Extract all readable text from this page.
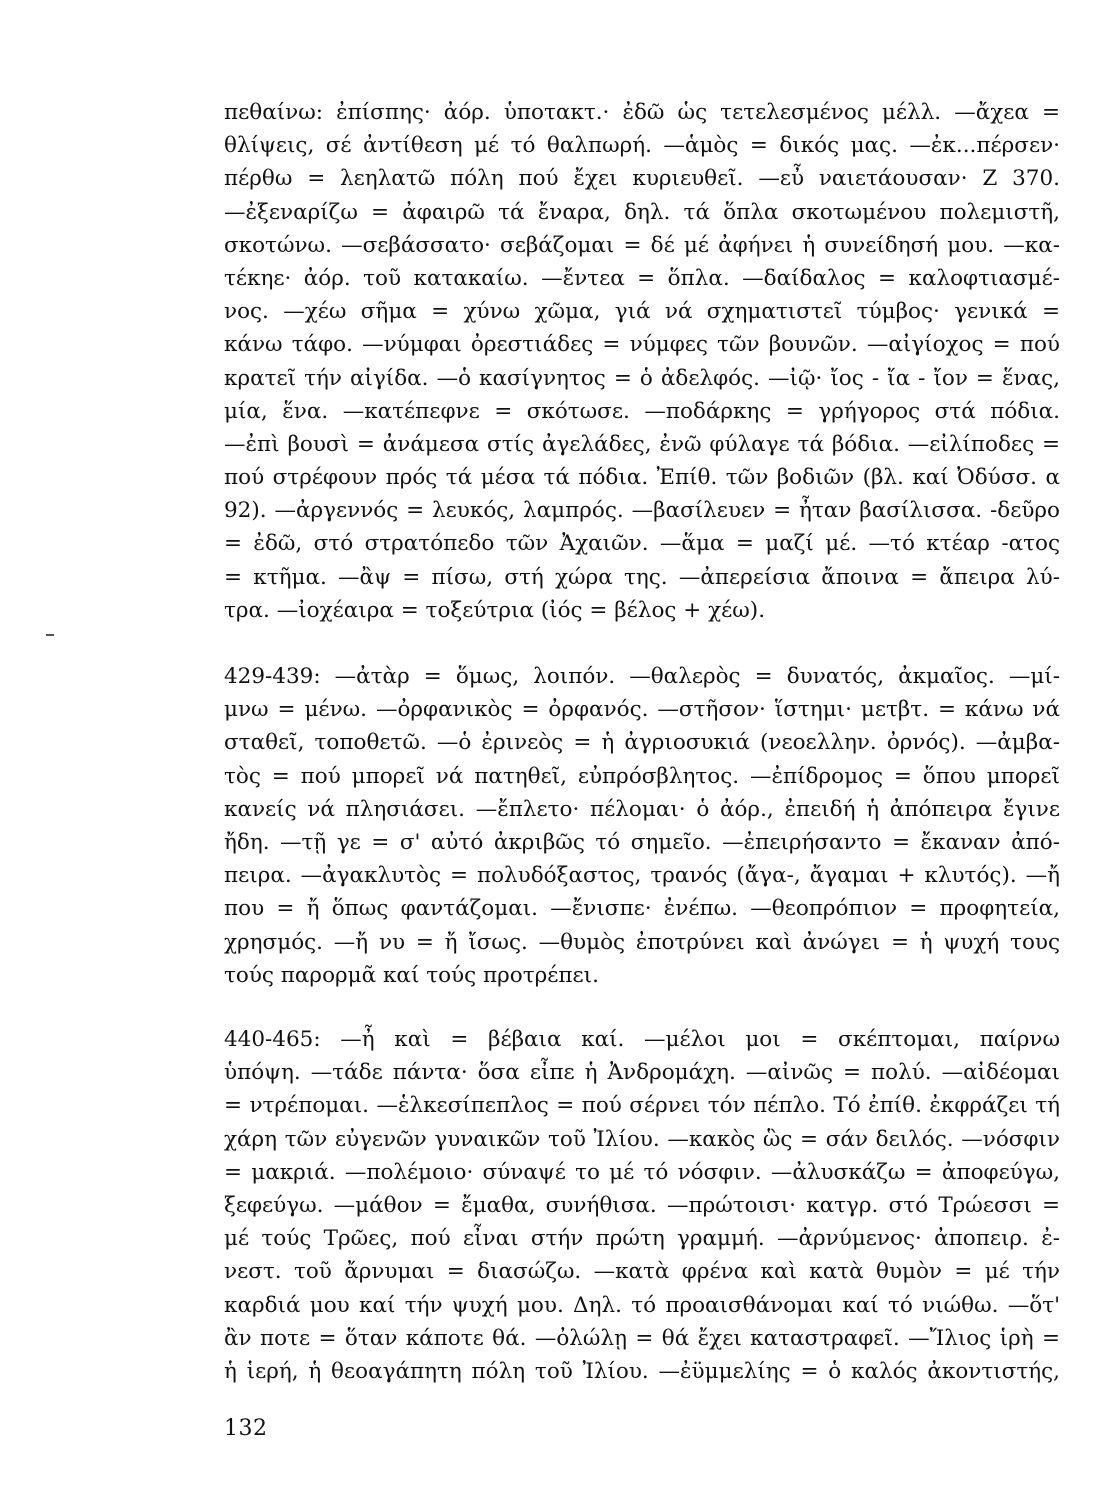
πεθαίνω: ἐπίσπης· ἀόρ. ὑποτακτ.· ἐδῶ ὡς τετελεσμένος μέλλ. —ἄχεα =
θλίψεις, σέ ἀντίθεση μέ τό θαλπωρή. —ἁμὸς = δικός μας. —ἐκ...πέρσεν·
πέρθω = λεηλατῶ πόλη πού ἔχει κυριευθεῖ. —εὖ ναιετάουσαν· Ζ 370.
—ἐξεναρίζω = ἀφαιρῶ τά ἔναρα, δηλ. τά ὅπλα σκοτωμένου πολεμιστῆ,
σκοτώνω. —σεβάσσατο· σεβάζομαι = δέ μέ ἀφήνει ἡ συνείδησή μου. —κα-
τέκηε· ἀόρ. τοῦ κατακαίω. —ἔντεα = ὅπλα. —δαίδαλος = καλοφτιασμέ-
νος. —χέω σῆμα = χύνω χῶμα, γιά νά σχηματιστεῖ τύμβος· γενικά =
κάνω τάφο. —νύμφαι ὀρεστιάδες = νύμφες τῶν βουνῶν. —αἰγίοχος = πού
κρατεῖ τήν αἰγίδα. —ὁ κασίγνητος = ὁ ἀδελφός. —ἰῷ· ἴος - ἴα - ἴον = ἕνας,
μία, ἕνα. —κατέπεφνε = σκότωσε. —ποδάρκης = γρήγορος στά πόδια.
—ἐπὶ βουσὶ = ἀνάμεσα στίς ἀγελάδες, ἐνῶ φύλαγε τά βόδια. —εἰλίποδες =
πού στρέφουν πρός τά μέσα τά πόδια. Ἐπίθ. τῶν βοδιῶν (βλ. καί Ὀδύσσ. α
92). —ἀργεννός = λευκός, λαμπρός. —βασίλευεν = ἦταν βασίλισσα. -δεῦρο
= ἐδῶ, στό στρατόπεδο τῶν Ἀχαιῶν. —ἅμα = μαζί μέ. —τό κτέαρ -ατος
= κτῆμα. —ἂψ = πίσω, στή χώρα της. —ἀπερείσια ἄποινα = ἄπειρα λύ-
τρα. —ἰοχέαιρα = τοξεύτρια (ἰός = βέλος + χέω).
429-439: —ἀτὰρ = ὅμως, λοιπόν. —θαλερὸς = δυνατός, ἀκμαῖος. —μί-
μνω = μένω. —ὀρφανικὸς = ὀρφανός. —στῆσον· ἵστημι· μετβτ. = κάνω νά
σταθεῖ, τοποθετῶ. —ὁ ἐρινεὸς = ἡ ἀγριοσυκιά (νεοελλην. ὀρνός). —ἀμβα-
τὸς = πού μπορεῖ νά πατηθεῖ, εὐπρόσβλητος. —ἐπίδρομος = ὅπου μπορεῖ
κανείς νά πλησιάσει. —ἔπλετο· πέλομαι· ὁ ἀόρ., ἐπειδή ἡ ἀπόπειρα ἔγινε
ἤδη. —τῇ γε = σ' αὐτό ἀκριβῶς τό σημεῖο. —ἐπειρήσαντο = ἔκαναν ἀπό-
πειρα. —ἀγακλυτὸς = πολυδόξαστος, τρανός (ἄγα-, ἄγαμαι + κλυτός). —ἤ
που = ἤ ὅπως φαντάζομαι. —ἔνισπε· ἐνέπω. —θεοπρόπιον = προφητεία,
χρησμός. —ἤ νυ = ἤ ἴσως. —θυμὸς ἐποτρύνει καὶ ἀνώγει = ἡ ψυχή τους
τούς παρορμᾶ καί τούς προτρέπει.
440-465: —ἦ καὶ = βέβαια καί. —μέλοι μοι = σκέπτομαι, παίρνω
ὑπόψη. —τάδε πάντα· ὅσα εἶπε ἡ Ἀνδρομάχη. —αἰνῶς = πολύ. —αἰδέομαι
= ντρέπομαι. —ἑλκεσίπεπλος = πού σέρνει τόν πέπλο. Τό ἐπίθ. ἐκφράζει τή
χάρη τῶν εὐγενῶν γυναικῶν τοῦ Ἰλίου. —κακὸς ὣς = σάν δειλός. —νόσφιν
= μακριά. —πολέμοιο· σύναψέ το μέ τό νόσφιν. —ἀλυσκάζω = ἀποφεύγω,
ξεφεύγω. —μάθον = ἔμαθα, συνήθισα. —πρώτοισι· κατγρ. στό Τρώεσσι =
μέ τούς Τρῶες, πού εἶναι στήν πρώτη γραμμή. —ἀρνύμενος· ἀποπειρ. ἐ-
νεστ. τοῦ ἄρνυμαι = διασώζω. —κατὰ φρένα καὶ κατὰ θυμὸν = μέ τήν
καρδιά μου καί τήν ψυχή μου. Δηλ. τό προαισθάνομαι καί τό νιώθω. —ὅτ'
ἂν ποτε = ὅταν κάποτε θά. —ὀλώλῃ = θά ἔχει καταστραφεῖ. —Ἴλιος ἱρὴ =
ἡ ἱερή, ἡ θεοαγάπητη πόλη τοῦ Ἰλίου. —ἐϋμμελίης = ὁ καλός ἀκοντιστής,
132
